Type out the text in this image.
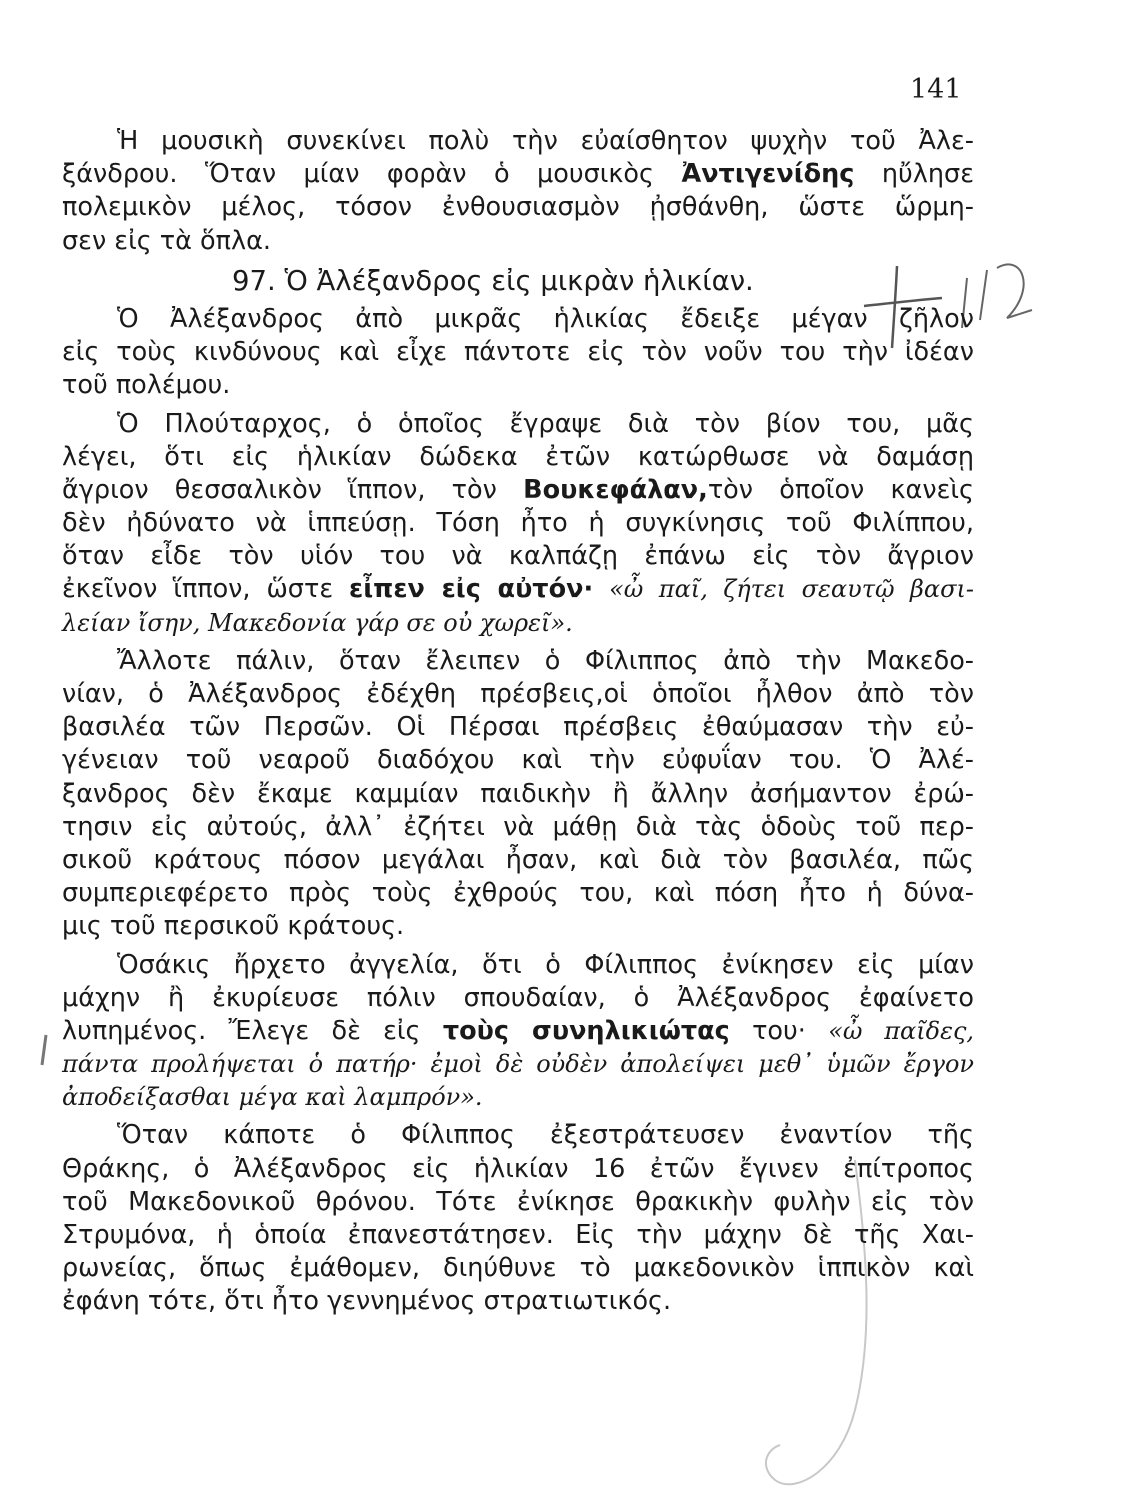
141
Ἡ μουσικὴ συνεκίνει πολὺ τὴν εὐαίσθητον ψυχὴν τοῦ Ἀλε-
ξάνδρου. Ὅταν μίαν φορὰν ὁ μουσικὸς Ἀντιγενίδης ηὔλησε
πολεμικὸν μέλος, τόσον ἐνθουσιασμὸν ᾐσθάνθη, ὥστε ὥρμη-
σεν εἰς τὰ ὅπλα.
97. Ὁ Ἀλέξανδρος εἰς μικρὰν ἡλικίαν.
Ὁ Ἀλέξανδρος ἀπὸ μικρᾶς ἡλικίας ἔδειξε μέγαν ζῆλον
εἰς τοὺς κινδύνους καὶ εἶχε πάντοτε εἰς τὸν νοῦν του τὴν ἰδέαν
τοῦ πολέμου.
Ὁ Πλούταρχος, ὁ ὁποῖος ἔγραψε διὰ τὸν βίον του, μᾶς
λέγει, ὅτι εἰς ἡλικίαν δώδεκα ἐτῶν κατώρθωσε νὰ δαμάσῃ
ἄγριον θεσσαλικὸν ἵππον, τὸν Βουκεφάλαν,τὸν ὁποῖον κανεὶς
δὲν ἠδύνατο νὰ ἱππεύσῃ. Τόση ἦτο ἡ συγκίνησις τοῦ Φιλίππου,
ὅταν εἶδε τὸν υἱόν του νὰ καλπάζῃ ἐπάνω εἰς τὸν ἄγριον
ἐκεῖνον ἵππον, ὥστε εἶπεν εἰς αὐτόν· «ὦ παῖ, ζήτει σεαυτῷ βασι-
λείαν ἴσην, Μακεδονία γάρ σε οὐ χωρεῖ».
Ἄλλοτε πάλιν, ὅταν ἔλειπεν ὁ Φίλιππος ἀπὸ τὴν Μακεδο-
νίαν, ὁ Ἀλέξανδρος ἐδέχθη πρέσβεις,οἱ ὁποῖοι ἦλθον ἀπὸ τὸν
βασιλέα τῶν Περσῶν. Οἱ Πέρσαι πρέσβεις ἐθαύμασαν τὴν εὐ-
γένειαν τοῦ νεαροῦ διαδόχου καὶ τὴν εὐφυΐαν του. Ὁ Ἀλέ-
ξανδρος δὲν ἔκαμε καμμίαν παιδικὴν ἢ ἄλλην ἀσήμαντον ἐρώ-
τησιν εἰς αὐτούς, ἀλλ᾽ ἐζήτει νὰ μάθῃ διὰ τὰς ὁδοὺς τοῦ περ-
σικοῦ κράτους πόσον μεγάλαι ἦσαν, καὶ διὰ τὸν βασιλέα, πῶς
συμπεριεφέρετο πρὸς τοὺς ἐχθρούς του, καὶ πόση ἦτο ἡ δύνα-
μις τοῦ περσικοῦ κράτους.
Ὁσάκις ἤρχετο ἀγγελία, ὅτι ὁ Φίλιππος ἐνίκησεν εἰς μίαν
μάχην ἢ ἐκυρίευσε πόλιν σπουδαίαν, ὁ Ἀλέξανδρος ἐφαίνετο
λυπημένος. Ἔλεγε δὲ εἰς τοὺς συνηλικιώτας του· «ὦ παῖδες,
πάντα προλήψεται ὁ πατήρ· ἐμοὶ δὲ οὐδὲν ἀπολείψει μεθ᾽ ὑμῶν ἔργον
ἀποδείξασθαι μέγα καὶ λαμπρόν».
Ὅταν κάποτε ὁ Φίλιππος ἐξεστράτευσεν ἐναντίον τῆς
Θράκης, ὁ Ἀλέξανδρος εἰς ἡλικίαν 16 ἐτῶν ἔγινεν ἐπίτροπος
τοῦ Μακεδονικοῦ θρόνου. Τότε ἐνίκησε θρακικὴν φυλὴν εἰς τὸν
Στρυμόνα, ἡ ὁποία ἐπανεστάτησεν. Εἰς τὴν μάχην δὲ τῆς Χαι-
ρωνείας, ὅπως ἐμάθομεν, διηύθυνε τὸ μακεδονικὸν ἱππικὸν καὶ
ἐφάνη τότε, ὅτι ἦτο γεννημένος στρατιωτικός.
